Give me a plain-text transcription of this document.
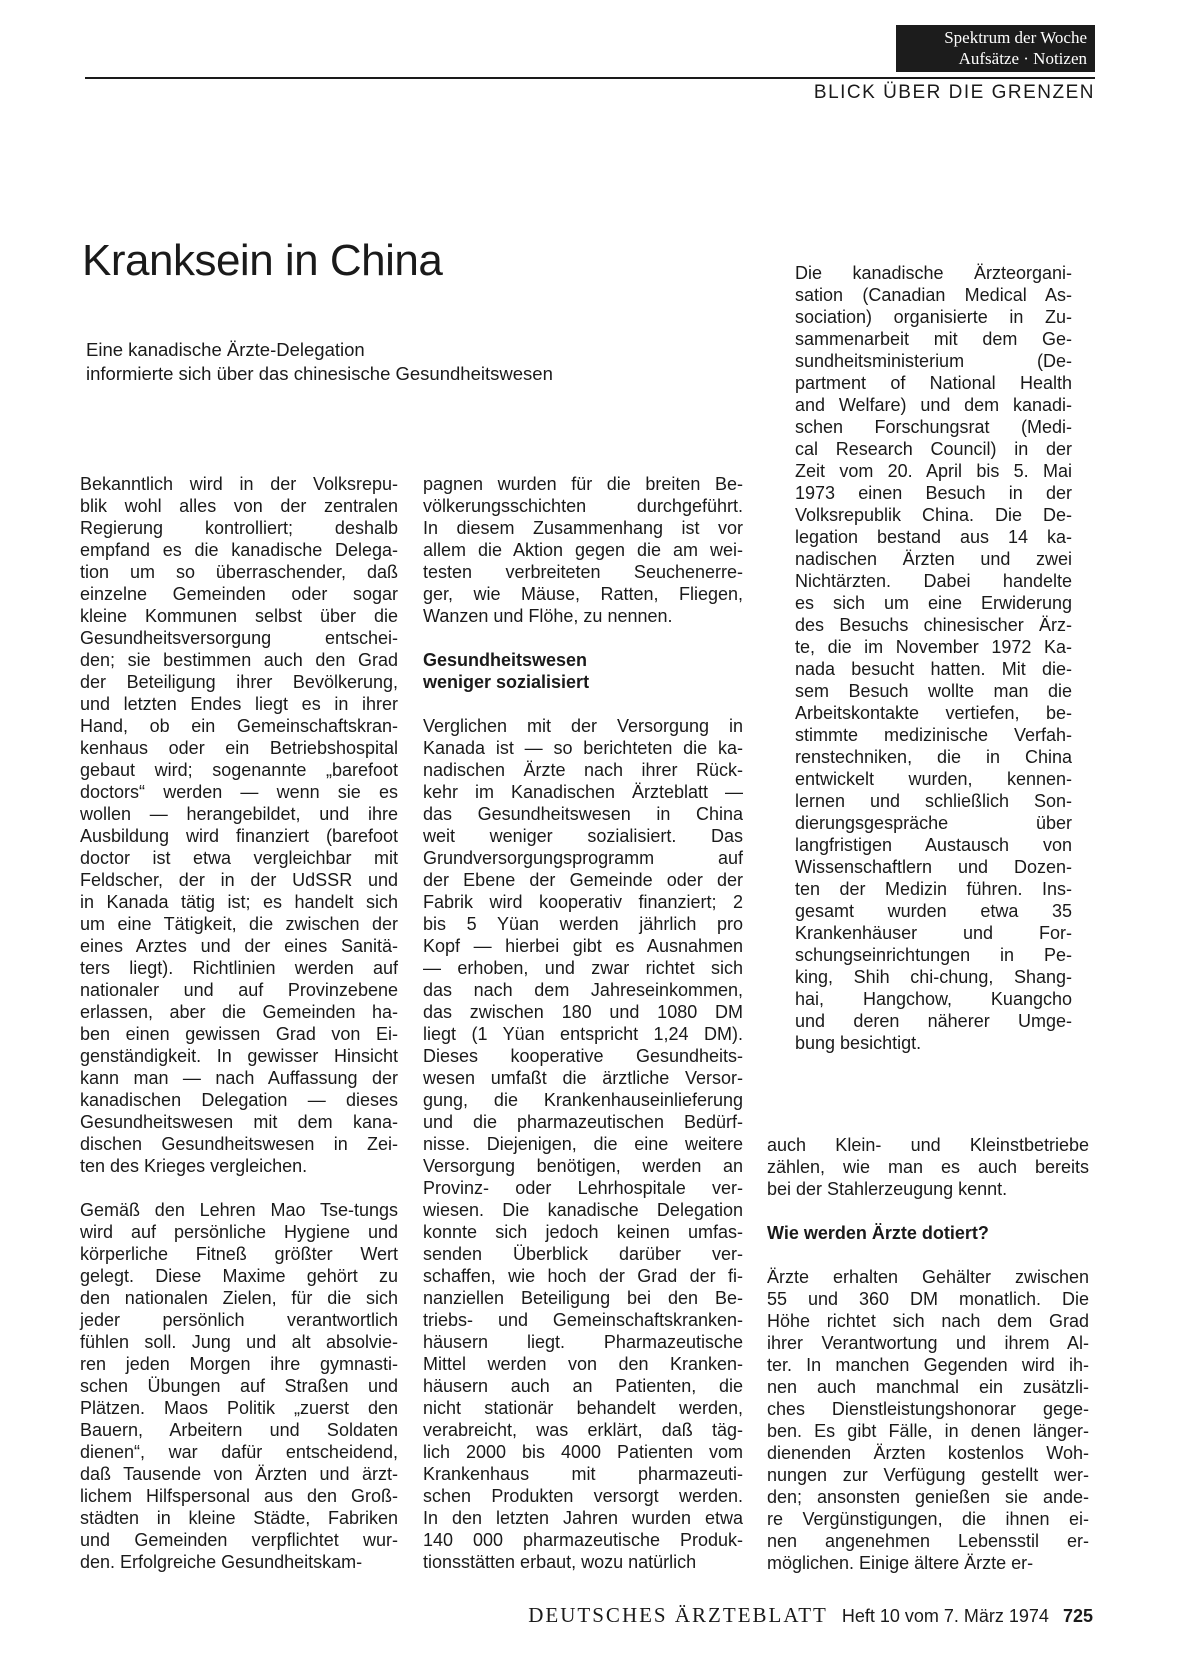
Spektrum der Woche
Aufsätze · Notizen
BLICK ÜBER DIE GRENZEN
Kranksein in China
Eine kanadische Ärzte-Delegation
informierte sich über das chinesische Gesundheitswesen
Bekanntlich wird in der Volksrepu-
blik wohl alles von der zentralen
Regierung kontrolliert; deshalb
empfand es die kanadische Delega-
tion um so überraschender, daß
einzelne Gemeinden oder sogar
kleine Kommunen selbst über die
Gesundheitsversorgung entschei-
den; sie bestimmen auch den Grad
der Beteiligung ihrer Bevölkerung,
und letzten Endes liegt es in ihrer
Hand, ob ein Gemeinschaftskran-
kenhaus oder ein Betriebshospital
gebaut wird; sogenannte „barefoot
doctors“ werden — wenn sie es
wollen — herangebildet, und ihre
Ausbildung wird finanziert (barefoot
doctor ist etwa vergleichbar mit
Feldscher, der in der UdSSR und
in Kanada tätig ist; es handelt sich
um eine Tätigkeit, die zwischen der
eines Arztes und der eines Sanitä-
ters liegt). Richtlinien werden auf
nationaler und auf Provinzebene
erlassen, aber die Gemeinden ha-
ben einen gewissen Grad von Ei-
genständigkeit. In gewisser Hinsicht
kann man — nach Auffassung der
kanadischen Delegation — dieses
Gesundheitswesen mit dem kana-
dischen Gesundheitswesen in Zei-
ten des Krieges vergleichen.
Gemäß den Lehren Mao Tse-tungs
wird auf persönliche Hygiene und
körperliche Fitneß größter Wert
gelegt. Diese Maxime gehört zu
den nationalen Zielen, für die sich
jeder persönlich verantwortlich
fühlen soll. Jung und alt absolvie-
ren jeden Morgen ihre gymnasti-
schen Übungen auf Straßen und
Plätzen. Maos Politik „zuerst den
Bauern, Arbeitern und Soldaten
dienen“, war dafür entscheidend,
daß Tausende von Ärzten und ärzt-
lichem Hilfspersonal aus den Groß-
städten in kleine Städte, Fabriken
und Gemeinden verpflichtet wur-
den. Erfolgreiche Gesundheitskam-
pagnen wurden für die breiten Be-
völkerungsschichten durchgeführt.
In diesem Zusammenhang ist vor
allem die Aktion gegen die am wei-
testen verbreiteten Seuchenerre-
ger, wie Mäuse, Ratten, Fliegen,
Wanzen und Flöhe, zu nennen.
Gesundheitswesen
weniger sozialisiert
Verglichen mit der Versorgung in
Kanada ist — so berichteten die ka-
nadischen Ärzte nach ihrer Rück-
kehr im Kanadischen Ärzteblatt —
das Gesundheitswesen in China
weit weniger sozialisiert. Das
Grundversorgungsprogramm auf
der Ebene der Gemeinde oder der
Fabrik wird kooperativ finanziert; 2
bis 5 Yüan werden jährlich pro
Kopf — hierbei gibt es Ausnahmen
— erhoben, und zwar richtet sich
das nach dem Jahreseinkommen,
das zwischen 180 und 1080 DM
liegt (1 Yüan entspricht 1,24 DM).
Dieses kooperative Gesundheits-
wesen umfaßt die ärztliche Versor-
gung, die Krankenhauseinlieferung
und die pharmazeutischen Bedürf-
nisse. Diejenigen, die eine weitere
Versorgung benötigen, werden an
Provinz- oder Lehrhospitale ver-
wiesen. Die kanadische Delegation
konnte sich jedoch keinen umfas-
senden Überblick darüber ver-
schaffen, wie hoch der Grad der fi-
nanziellen Beteiligung bei den Be-
triebs- und Gemeinschaftskranken-
häusern liegt. Pharmazeutische
Mittel werden von den Kranken-
häusern auch an Patienten, die
nicht stationär behandelt werden,
verabreicht, was erklärt, daß täg-
lich 2000 bis 4000 Patienten vom
Krankenhaus mit pharmazeuti-
schen Produkten versorgt werden.
In den letzten Jahren wurden etwa
140 000 pharmazeutische Produk-
tionsstätten erbaut, wozu natürlich
Die kanadische Ärzteorgani-
sation (Canadian Medical As-
sociation) organisierte in Zu-
sammenarbeit mit dem Ge-
sundheitsministerium (De-
partment of National Health
and Welfare) und dem kanadi-
schen Forschungsrat (Medi-
cal Research Council) in der
Zeit vom 20. April bis 5. Mai
1973 einen Besuch in der
Volksrepublik China. Die De-
legation bestand aus 14 ka-
nadischen Ärzten und zwei
Nichtärzten. Dabei handelte
es sich um eine Erwiderung
des Besuchs chinesischer Ärz-
te, die im November 1972 Ka-
nada besucht hatten. Mit die-
sem Besuch wollte man die
Arbeitskontakte vertiefen, be-
stimmte medizinische Verfah-
renstechniken, die in China
entwickelt wurden, kennen-
lernen und schließlich Son-
dierungsgespräche über
langfristigen Austausch von
Wissenschaftlern und Dozen-
ten der Medizin führen. Ins-
gesamt wurden etwa 35
Krankenhäuser und For-
schungseinrichtungen in Pe-
king, Shih chi-chung, Shang-
hai, Hangchow, Kuangcho
und deren näherer Umge-
bung besichtigt.
auch Klein- und Kleinstbetriebe
zählen, wie man es auch bereits
bei der Stahlerzeugung kennt.
Wie werden Ärzte dotiert?
Ärzte erhalten Gehälter zwischen
55 und 360 DM monatlich. Die
Höhe richtet sich nach dem Grad
ihrer Verantwortung und ihrem Al-
ter. In manchen Gegenden wird ih-
nen auch manchmal ein zusätzli-
ches Dienstleistungshonorar gege-
ben. Es gibt Fälle, in denen länger-
dienenden Ärzten kostenlos Woh-
nungen zur Verfügung gestellt wer-
den; ansonsten genießen sie ande-
re Vergünstigungen, die ihnen ei-
nen angenehmen Lebensstil er-
möglichen. Einige ältere Ärzte er-
DEUTSCHES ÄRZTEBLATT Heft 10 vom 7. März 1974 725
